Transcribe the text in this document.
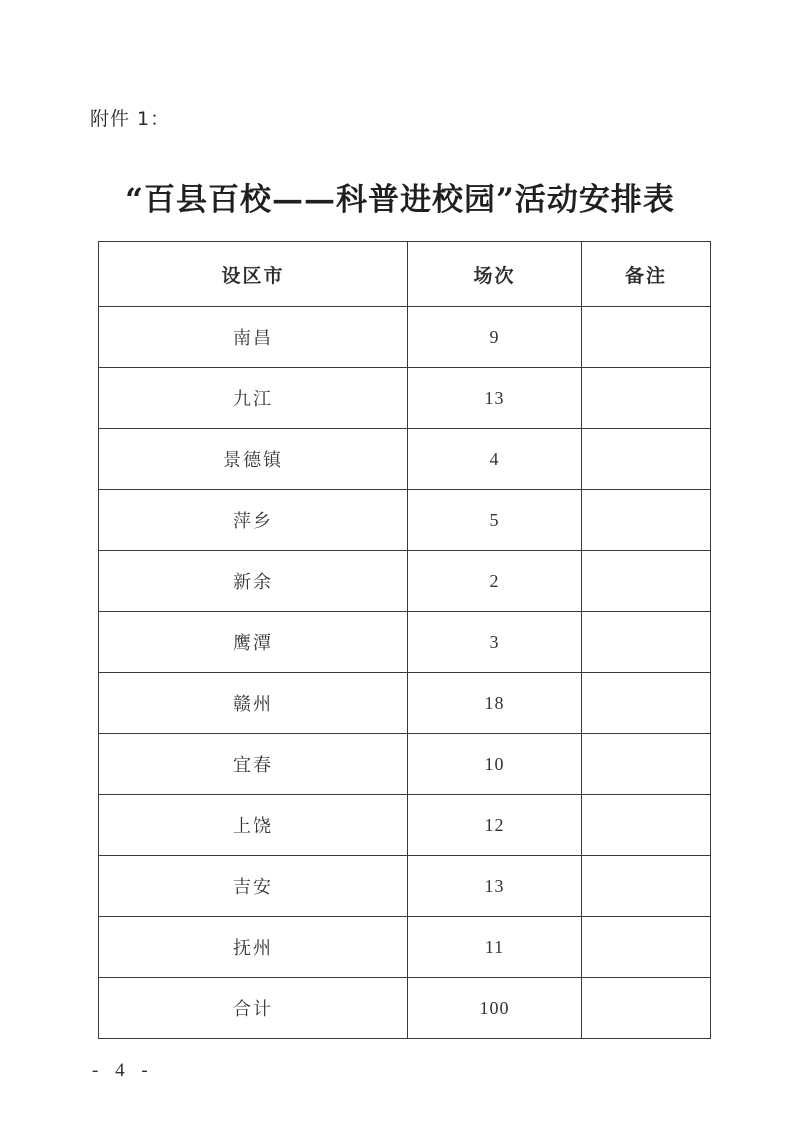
附件 1：
“百县百校——科普进校园”活动安排表
设区市	场次	备注
南昌	9	
九江	13	
景德镇	4	
萍乡	5	
新余	2	
鹰潭	3	
赣州	18	
宜春	10	
上饶	12	
吉安	13	
抚州	11	
合计	100	
- 4 -
